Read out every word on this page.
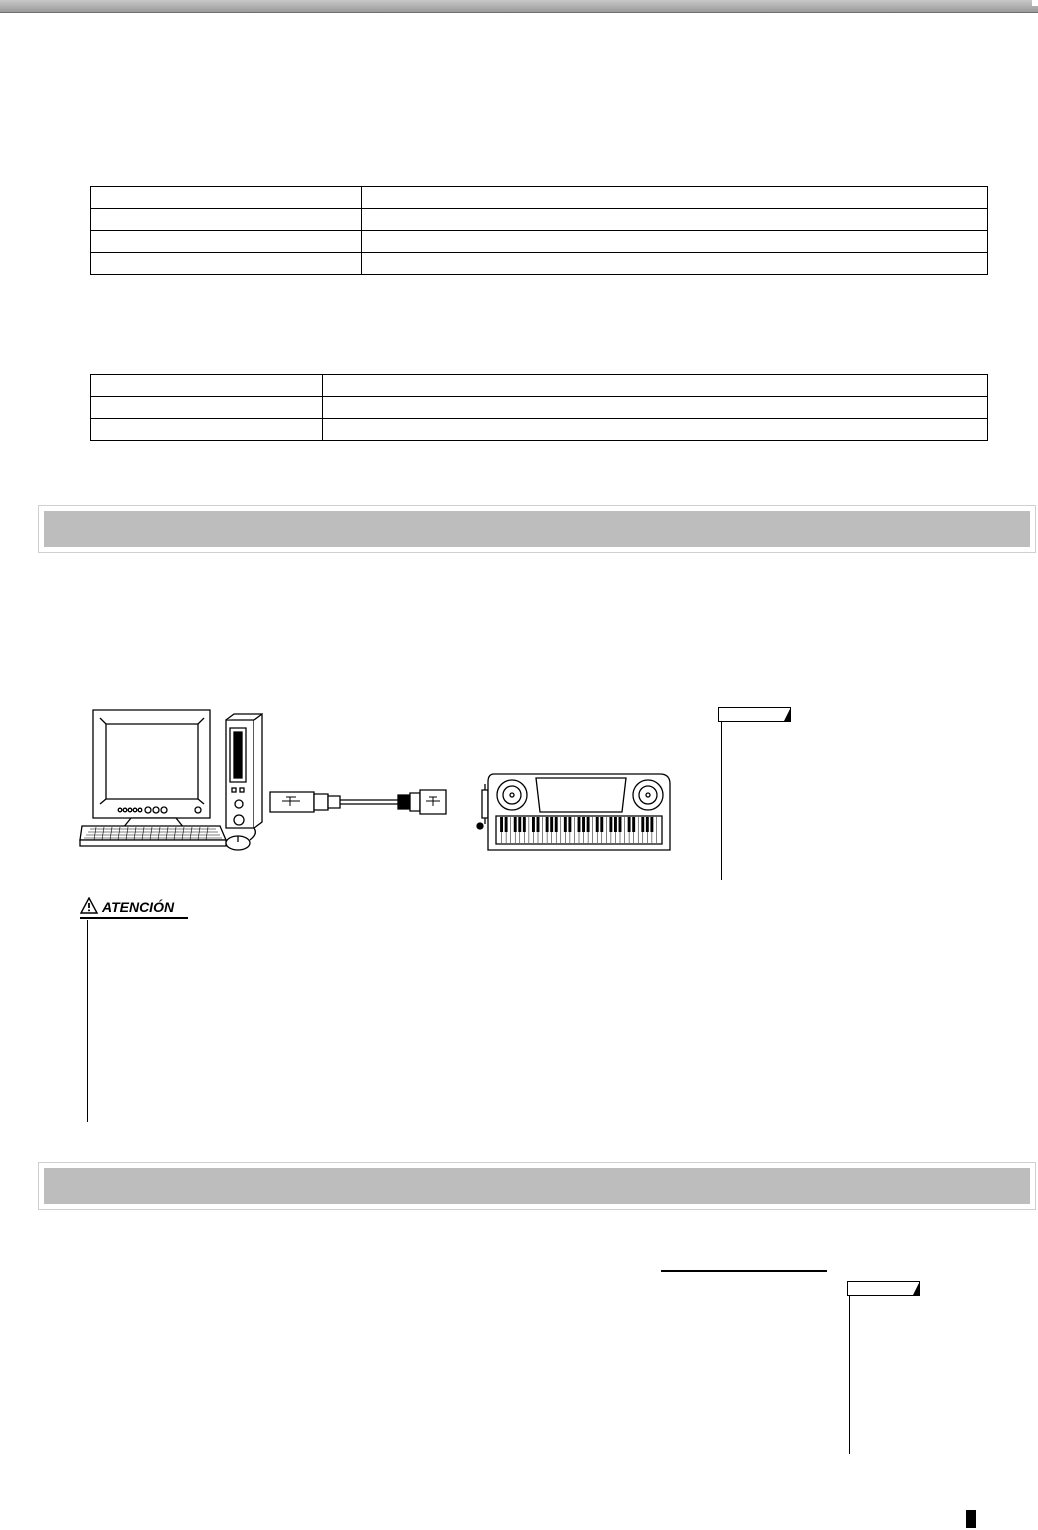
ATENCIÓN
